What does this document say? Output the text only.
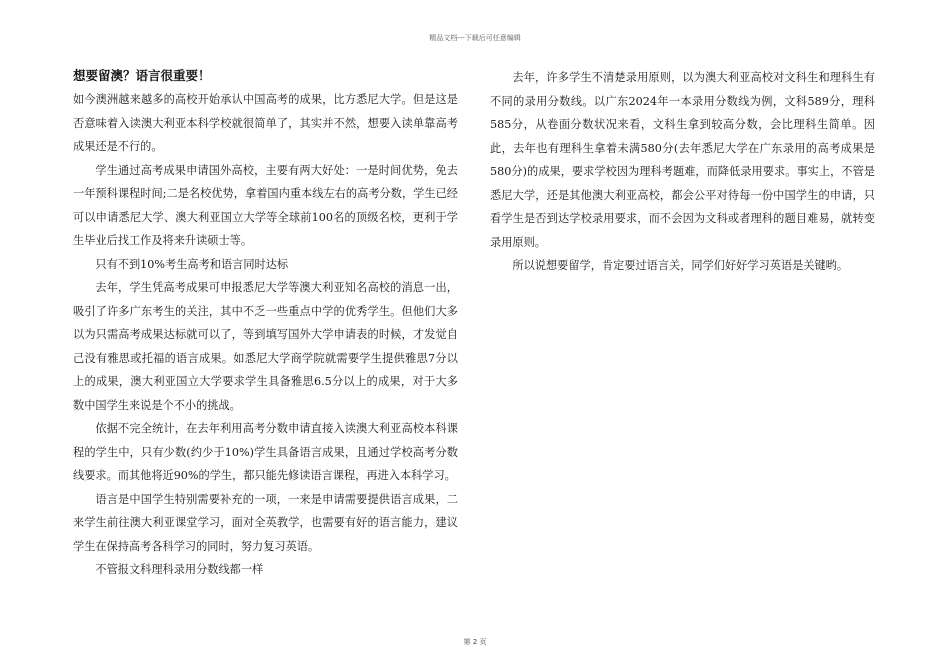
精品文档---下载后可任意编辑
想要留澳？语言很重要！

如今澳洲越来越多的高校开始承认中国高考的成果，比方悉尼大学。但是这是否意味着入读澳大利亚本科学校就很简单了，其实并不然，想要入读单靠高考成果还是不行的。

学生通过高考成果申请国外高校，主要有两大好处：一是时间优势，免去一年预科课程时间;二是名校优势，拿着国内重本线左右的高考分数，学生已经可以申请悉尼大学、澳大利亚国立大学等全球前100名的顶级名校，更利于学生毕业后找工作及将来升读硕士等。

只有不到10%考生高考和语言同时达标

去年，学生凭高考成果可申报悉尼大学等澳大利亚知名高校的消息一出，吸引了许多广东考生的关注，其中不乏一些重点中学的优秀学生。但他们大多以为只需高考成果达标就可以了，等到填写国外大学申请表的时候，才发觉自己没有雅思或托福的语言成果。如悉尼大学商学院就需要学生提供雅思7分以上的成果，澳大利亚国立大学要求学生具备雅思6.5分以上的成果，对于大多数中国学生来说是个不小的挑战。

依据不完全统计，在去年利用高考分数申请直接入读澳大利亚高校本科课程的学生中，只有少数(约少于10%)学生具备语言成果，且通过学校高考分数线要求。而其他将近90%的学生，都只能先修读语言课程，再进入本科学习。

语言是中国学生特别需要补充的一项，一来是申请需要提供语言成果，二来学生前往澳大利亚课堂学习，面对全英教学，也需要有好的语言能力，建议学生在保持高考各科学习的同时，努力复习英语。

不管报文科理科录用分数线都一样

去年，许多学生不清楚录用原则，以为澳大利亚高校对文科生和理科生有不同的录用分数线。以广东2024年一本录用分数线为例，文科589分，理科585分，从卷面分数状况来看，文科生拿到较高分数，会比理科生简单。因此，去年也有理科生拿着未满580分(去年悉尼大学在广东录用的高考成果是580分)的成果，要求学校因为理科考题难，而降低录用要求。事实上，不管是悉尼大学，还是其他澳大利亚高校，都会公平对待每一份中国学生的申请，只看学生是否到达学校录用要求，而不会因为文科或者理科的题目难易，就转变录用原则。

所以说想要留学，肯定要过语言关，同学们好好学习英语是关键哟。

第 2 页
